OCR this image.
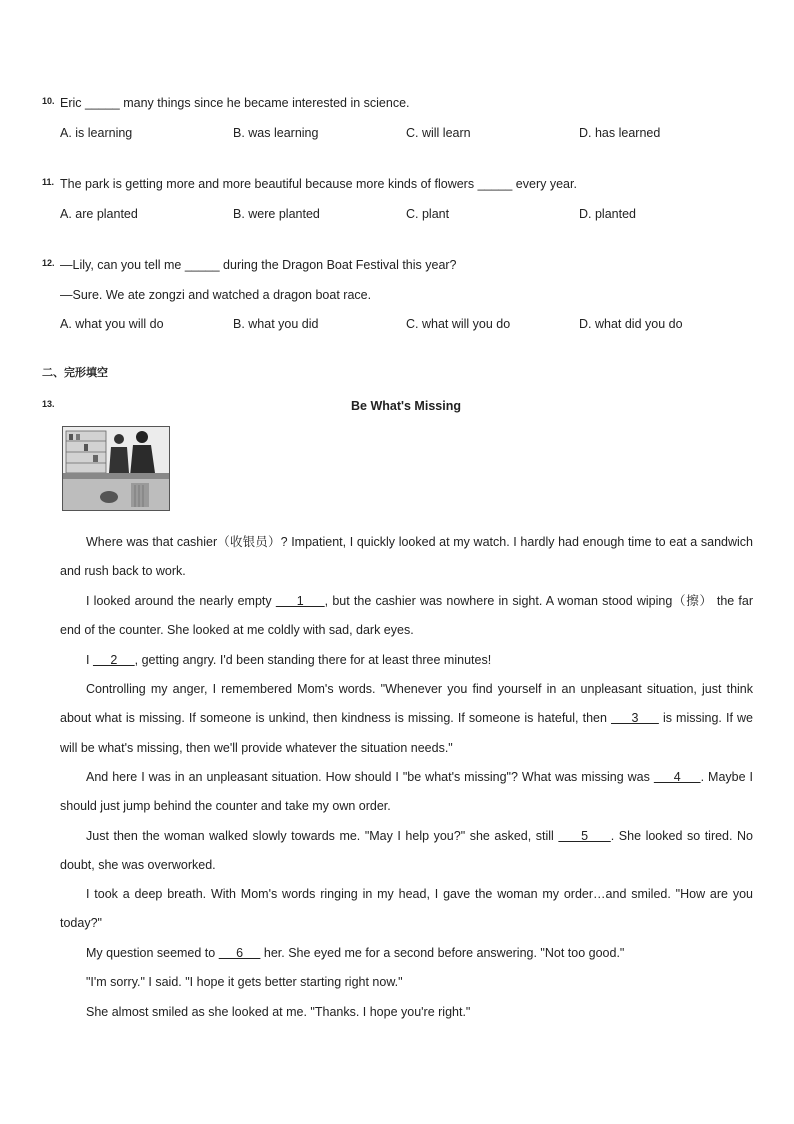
10. Eric _____ many things since he became interested in science.
A. is learning	B. was learning	C. will learn	D. has learned
11. The park is getting more and more beautiful because more kinds of flowers _____ every year.
A. are planted	B. were planted	C. plant	D. planted
12. —Lily, can you tell me _____ during the Dragon Boat Festival this year?
—Sure. We ate zongzi and watched a dragon boat race.
A. what you will do	B. what you did	C. what will you do	D. what did you do
二、完形填空
13.	Be What's Missing
Where was that cashier（收银员）? Impatient, I quickly looked at my watch. I hardly had enough time to eat a sandwich and rush back to work.
I looked around the nearly empty      1     , but the cashier was nowhere in sight. A woman stood wiping（擦） the far end of the counter. She looked at me coldly with sad, dark eyes.
I      2     , getting angry. I'd been standing there for at least three minutes!
Controlling my anger, I remembered Mom's words. "Whenever you find yourself in an unpleasant situation, just think about what is missing. If someone is unkind, then kindness is missing. If someone is hateful, then      3      is missing. If we will be what's missing, then we'll provide whatever the situation needs."
And here I was in an unpleasant situation. How should I "be what's missing"? What was missing was      4     . Maybe I should just jump behind the counter and take my own order.
Just then the woman walked slowly towards me. "May I help you?" she asked, still      5     . She looked so tired. No doubt, she was overworked.
I took a deep breath. With Mom's words ringing in my head, I gave the woman my order…and smiled. "How are you today?"
My question seemed to      6      her. She eyed me for a second before answering. "Not too good."
"I'm sorry." I said. "I hope it gets better starting right now."
She almost smiled as she looked at me. "Thanks. I hope you're right."
